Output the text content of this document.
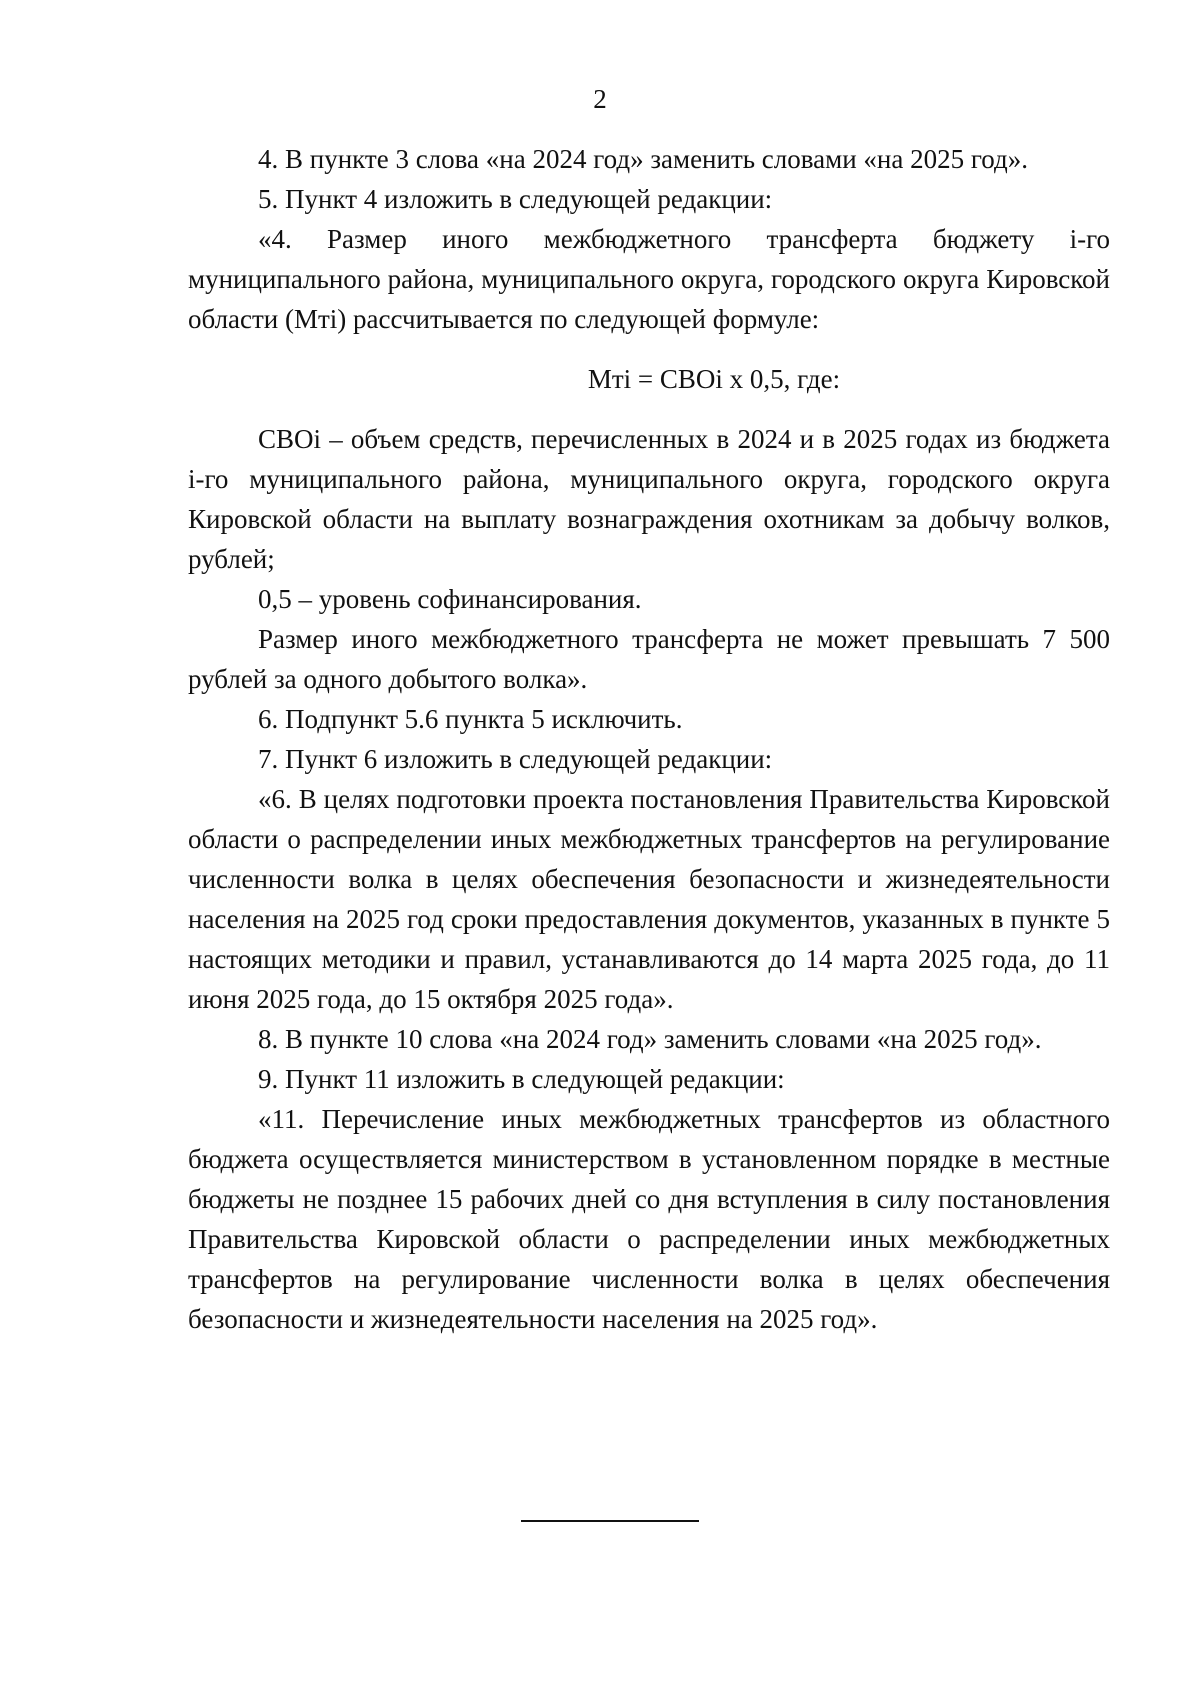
2

4. В пункте 3 слова «на 2024 год» заменить словами «на 2025 год».

5. Пункт 4 изложить в следующей редакции:

«4. Размер иного межбюджетного трансферта бюджету i-го муниципального района, муниципального округа, городского округа Кировской области (Мтi) рассчитывается по следующей формуле:

Мтi = СВОi x 0,5, где:

СВОi – объем средств, перечисленных в 2024 и в 2025 годах из бюджета i-го муниципального района, муниципального округа, городского округа Кировской области на выплату вознаграждения охотникам за добычу волков, рублей;

0,5 – уровень софинансирования.

Размер иного межбюджетного трансферта не может превышать 7 500 рублей за одного добытого волка».

6. Подпункт 5.6 пункта 5 исключить.

7. Пункт 6 изложить в следующей редакции:

«6. В целях подготовки проекта постановления Правительства Кировской области о распределении иных межбюджетных трансфертов на регулирование численности волка в целях обеспечения безопасности и жизнедеятельности населения на 2025 год сроки предоставления документов, указанных в пункте 5 настоящих методики и правил, устанавливаются до 14 марта 2025 года, до 11 июня 2025 года, до 15 октября 2025 года».

8. В пункте 10 слова «на 2024 год» заменить словами «на 2025 год».

9. Пункт 11 изложить в следующей редакции:

«11. Перечисление иных межбюджетных трансфертов из областного бюджета осуществляется министерством в установленном порядке в местные бюджеты не позднее 15 рабочих дней со дня вступления в силу постановления Правительства Кировской области о распределении иных межбюджетных трансфертов на регулирование численности волка в целях обеспечения безопасности и жизнедеятельности населения на 2025 год».
